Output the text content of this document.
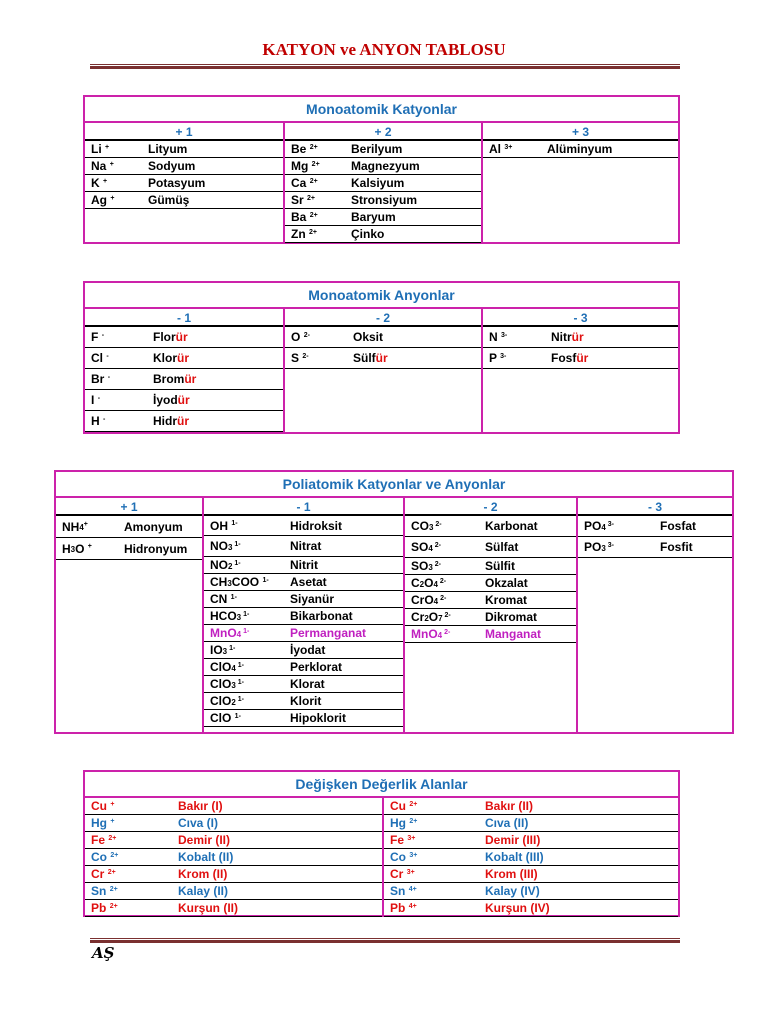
KATYON ve ANYON TABLOSU
Monoatomik Katyonlar
+ 1
Li +	Lityum
Na +	Sodyum
K +	Potasyum
Ag +	Gümüş
+ 2
Be $^{2+}$	Berilyum
Mg $^{2+}$	Magnezyum
Ca $^{2+}$	Kalsiyum
Sr $^{2+}$	Stronsiyum
Ba $^{2+}$	Baryum
Zn $^{2+}$	Çinko
+ 3
Al $^{3+}$	Alüminyum
Monoatomik Anyonlar
- 1
F -	Florür
Cl -	Klorür
Br -	Bromür
I -	İyodür
H -	Hidrür
- 2
O $^{2-}$	Oksit
S $^{2-}$	Sülfür
- 3
N $^{3-}$	Nitrür
P $^{3-}$	Fosfür
Poliatomik Katyonlar ve Anyonlar
+ 1
$NH_4^+$	Amonyum
$H_3O$ +	Hidronyum
- 1
OH $^{1-}$	Hidroksit
$NO_3$ $^{1-}$	Nitrat
$NO_2$ $^{1-}$	Nitrit
$CH_3COO$ $^{1-}$ Asetat
CN $^{1-}$	Siyanür
$HCO_3$ $^{1-}$	Bikarbonat
MnO$_4$ $^{1-}$	Permanganat
$IO_3$ $^{1-}$	İyodat
ClO$_4$ $^{1-}$	Perklorat
ClO$_3$ $^{1-}$	Klorat
ClO$_2$ $^{1-}$	Klorit
ClO $^{1-}$	Hipoklorit
- 2
$CO_3$ $^{2-}$	Karbonat
$SO_4$ $^{2-}$	Sülfat
$SO_3$ $^{2-}$	Sülfit
$C_2O_4$ $^{2-}$	Okzalat
CrO$_4$ $^{2-}$	Kromat
$Cr_2O_7$ $^{2-}$	Dikromat
MnO$_4$ $^{2-}$	Manganat
- 3
$PO_4$ $^{3-}$	Fosfat
$PO_3$ $^{3-}$	Fosfit
Değişken Değerlik Alanlar
Cu +	Bakır (I)
Hg +	Cıva (I)
Fe $^{2+}$	Demir (II)
Co $^{2+}$	Kobalt (II)
Cr $^{2+}$	Krom (II)
Sn $^{2+}$	Kalay (II)
Pb $^{2+}$	Kurşun (II)
Cu $^{2+}$	Bakır (II)
Hg $^{2+}$	Cıva (II)
Fe $^{3+}$	Demir (III)
Co $^{3+}$	Kobalt (III)
Cr $^{3+}$	Krom (III)
Sn $^{4+}$	Kalay (IV)
Pb $^{4+}$	Kurşun (IV)
AŞ
